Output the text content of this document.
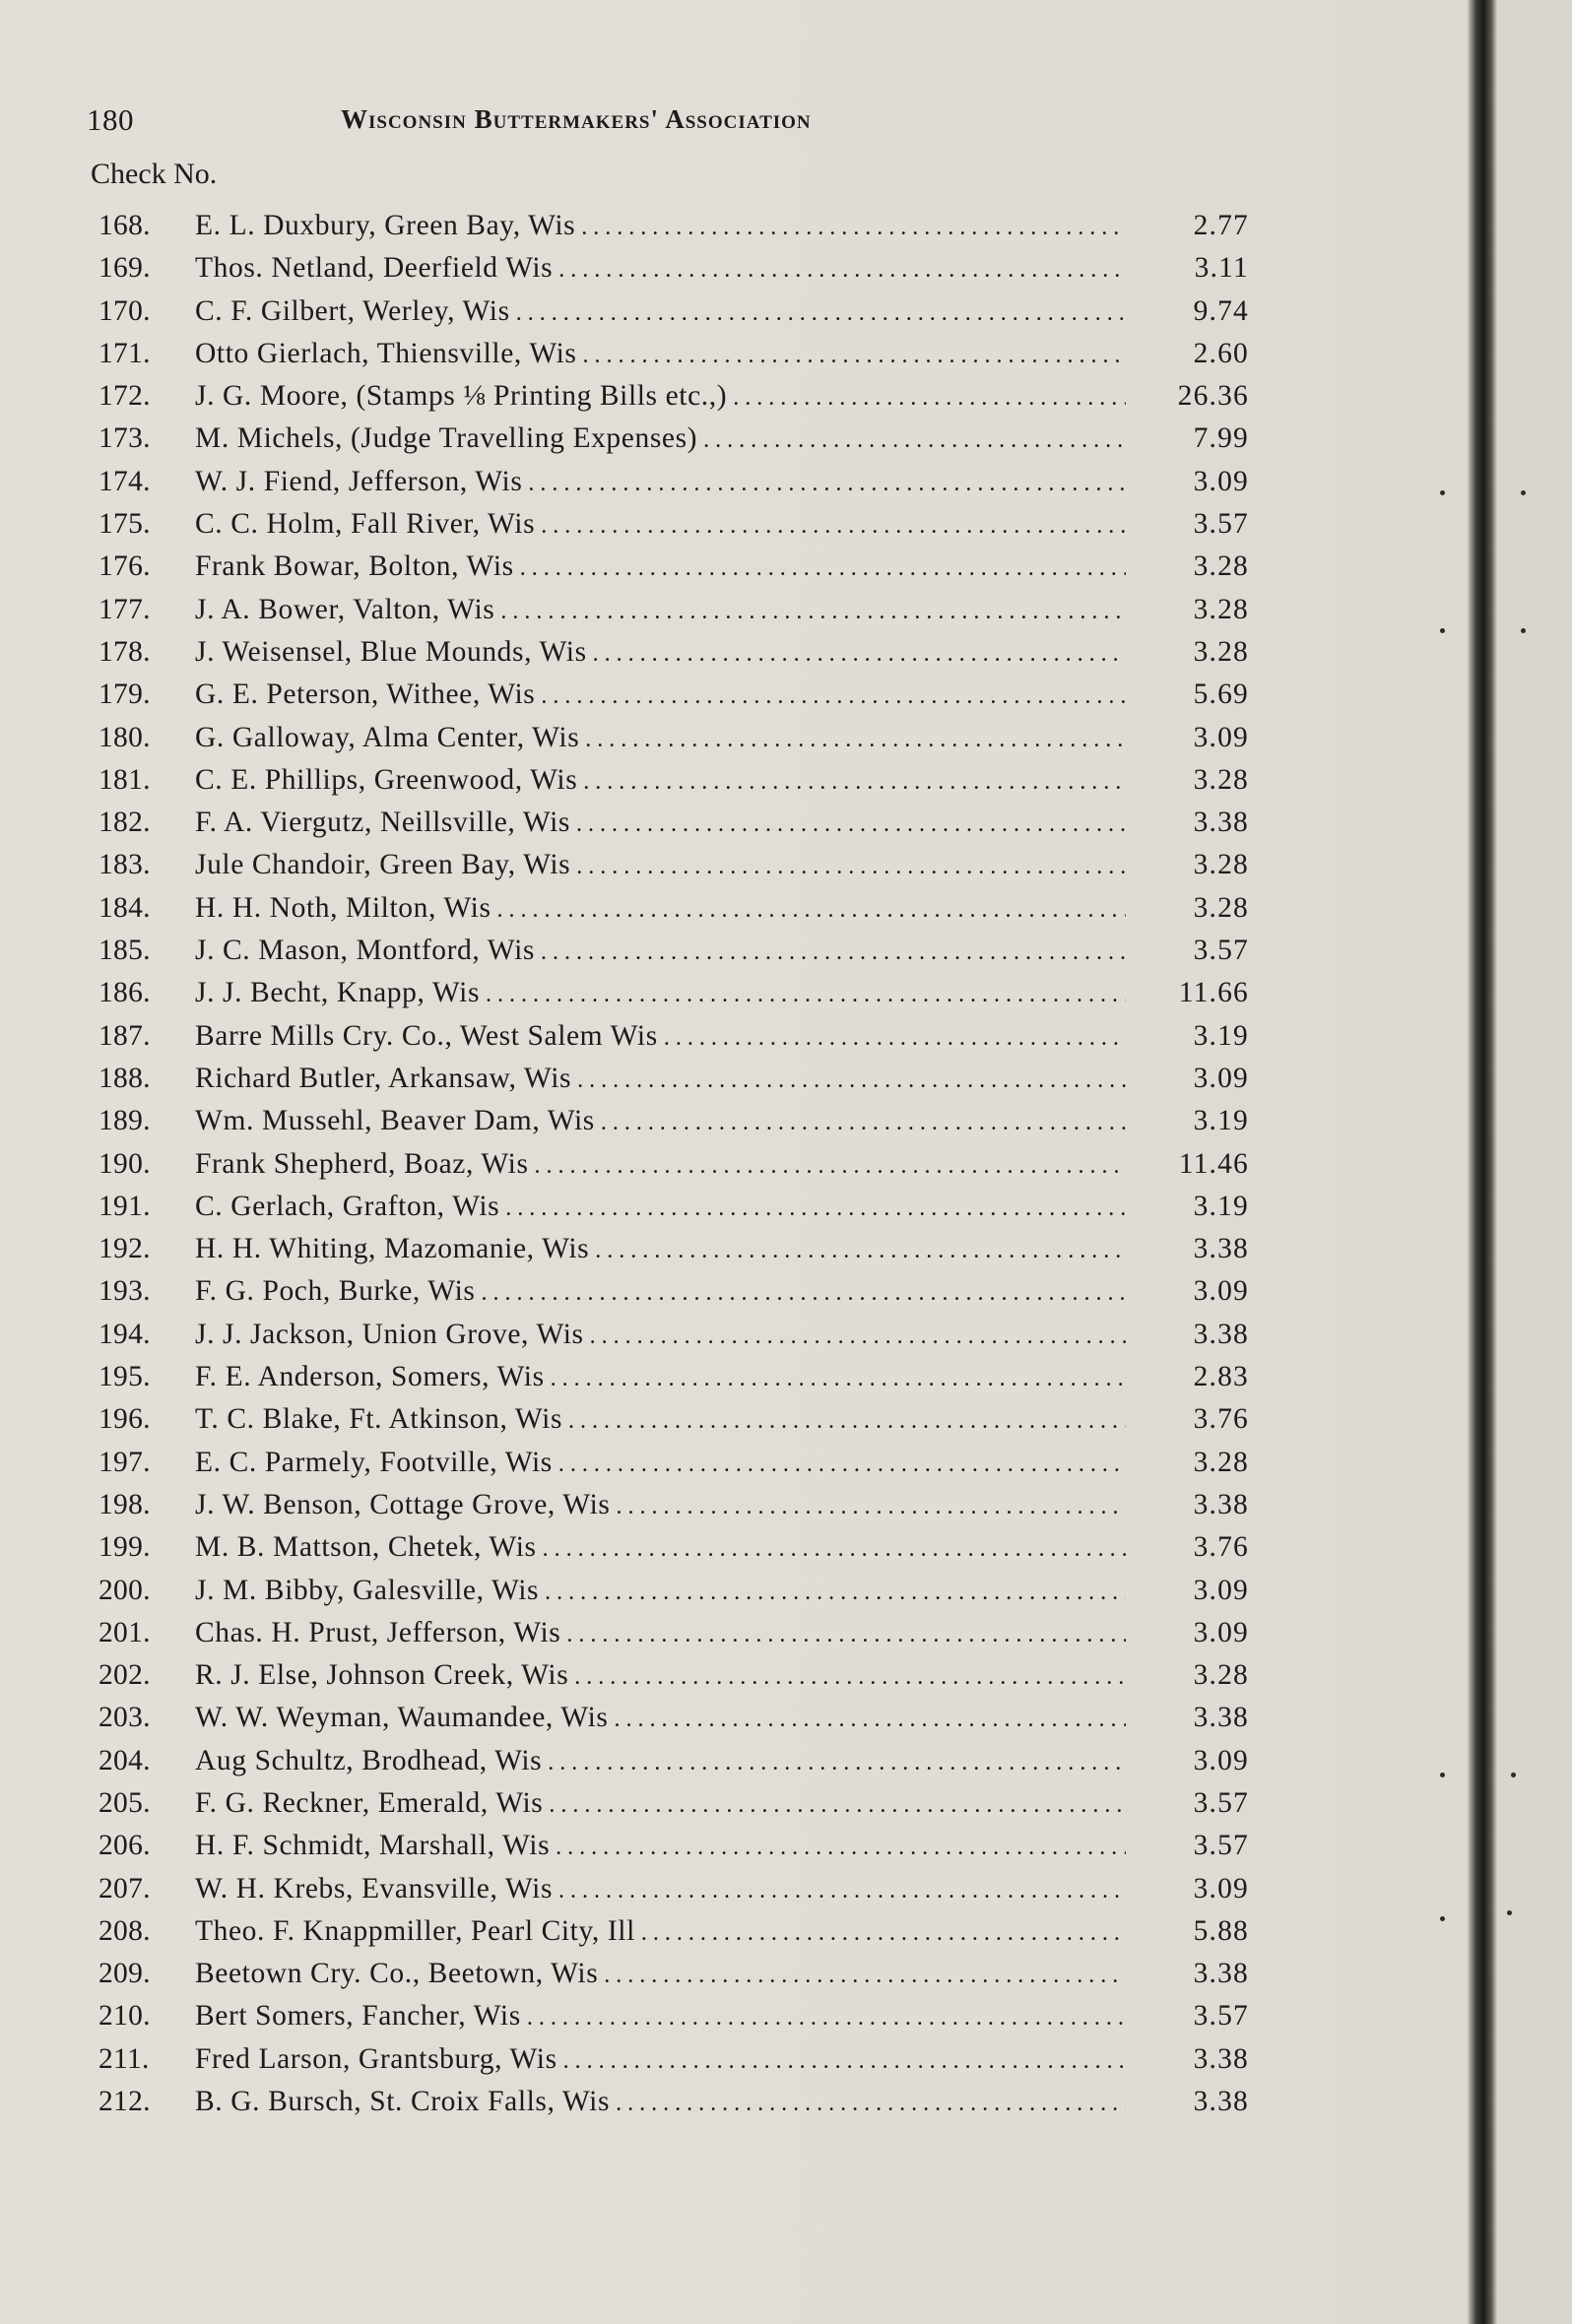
180	Wisconsin Buttermakers' Association
Check No.
168.	E. L. Duxbury, Green Bay, Wis . . .	2.77
169.	Thos. Netland, Deerfield Wis . . .	3.11
170.	C. F. Gilbert, Werley, Wis . . .	9.74
171.	Otto Gierlach, Thiensville, Wis . . .	2.60
172.	J. G. Moore, (Stamps ⅛ Printing Bills etc.,) . . .	26.36
173.	M. Michels, (Judge Travelling Expenses) . . .	7.99
174.	W. J. Fiend, Jefferson, Wis . . .	3.09
175.	C. C. Holm, Fall River, Wis . . .	3.57
176.	Frank Bowar, Bolton, Wis . . .	3.28
177.	J. A. Bower, Valton, Wis . . .	3.28
178.	J. Weisensel, Blue Mounds, Wis . . .	3.28
179.	G. E. Peterson, Withee, Wis . . .	5.69
180.	G. Galloway, Alma Center, Wis . . .	3.09
181.	C. E. Phillips, Greenwood, Wis . . .	3.28
182.	F. A. Viergutz, Neillsville, Wis . . .	3.38
183.	Jule Chandoir, Green Bay, Wis . . .	3.28
184.	H. H. Noth, Milton, Wis . . .	3.28
185.	J. C. Mason, Montford, Wis . . .	3.57
186.	J. J. Becht, Knapp, Wis . . .	11.66
187.	Barre Mills Cry. Co., West Salem Wis . . .	3.19
188.	Richard Butler, Arkansaw, Wis . . .	3.09
189.	Wm. Mussehl, Beaver Dam, Wis . . .	3.19
190.	Frank Shepherd, Boaz, Wis . . .	11.46
191.	C. Gerlach, Grafton, Wis . . .	3.19
192.	H. H. Whiting, Mazomanie, Wis . . .	3.38
193.	F. G. Poch, Burke, Wis . . .	3.09
194.	J. J. Jackson, Union Grove, Wis . . .	3.38
195.	F. E. Anderson, Somers, Wis . . .	2.83
196.	T. C. Blake, Ft. Atkinson, Wis . . .	3.76
197.	E. C. Parmely, Footville, Wis . . .	3.28
198.	J. W. Benson, Cottage Grove, Wis . . .	3.38
199.	M. B. Mattson, Chetek, Wis . . .	3.76
200.	J. M. Bibby, Galesville, Wis . . .	3.09
201.	Chas. H. Prust, Jefferson, Wis . . .	3.09
202.	R. J. Else, Johnson Creek, Wis . . .	3.28
203.	W. W. Weyman, Waumandee, Wis . . .	3.38
204.	Aug Schultz, Brodhead, Wis . . .	3.09
205.	F. G. Reckner, Emerald, Wis . . .	3.57
206.	H. F. Schmidt, Marshall, Wis . . .	3.57
207.	W. H. Krebs, Evansville, Wis . . .	3.09
208.	Theo. F. Knappmiller, Pearl City, Ill . . .	5.88
209.	Beetown Cry. Co., Beetown, Wis . . .	3.38
210.	Bert Somers, Fancher, Wis . . .	3.57
211.	Fred Larson, Grantsburg, Wis . . .	3.38
212.	B. G. Bursch, St. Croix Falls, Wis . . .	3.38
